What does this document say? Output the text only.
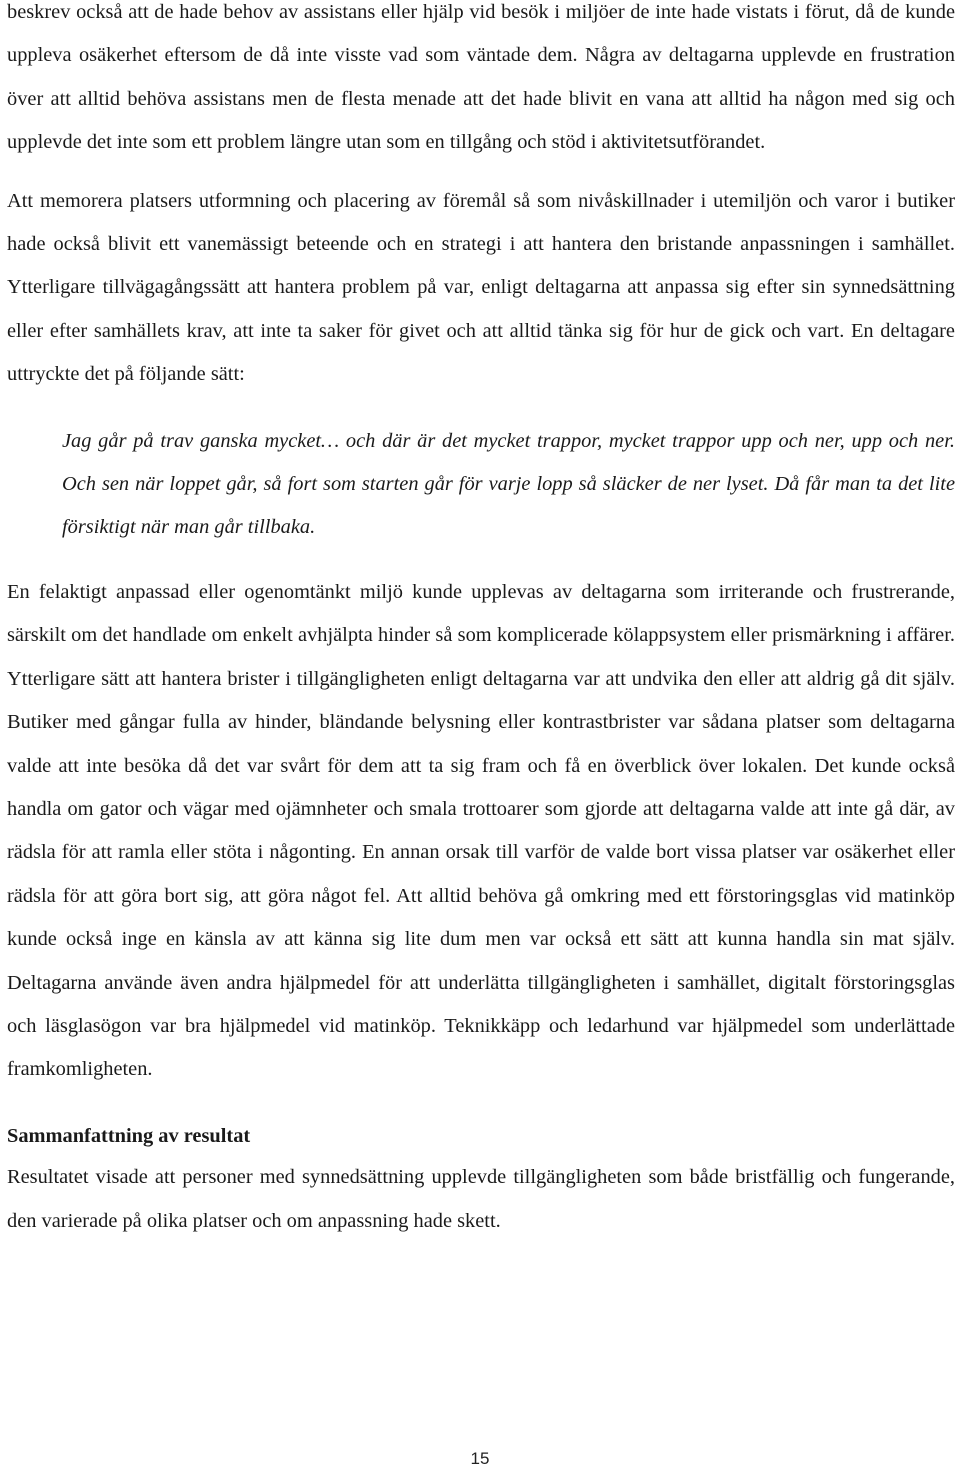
beskrev också att de hade behov av assistans eller hjälp vid besök i miljöer de inte hade vistats i förut, då de kunde uppleva osäkerhet eftersom de då inte visste vad som väntade dem. Några av deltagarna upplevde en frustration över att alltid behöva assistans men de flesta menade att det hade blivit en vana att alltid ha någon med sig och upplevde det inte som ett problem längre utan som en tillgång och stöd i aktivitetsutförandet.

Att memorera platsers utformning och placering av föremål så som nivåskillnader i utemiljön och varor i butiker hade också blivit ett vanemässigt beteende och en strategi i att hantera den bristande anpassningen i samhället. Ytterligare tillvägagångssätt att hantera problem på var, enligt deltagarna att anpassa sig efter sin synnedsättning eller efter samhällets krav, att inte ta saker för givet och att alltid tänka sig för hur de gick och vart. En deltagare uttryckte det på följande sätt:

Jag går på trav ganska mycket… och där är det mycket trappor, mycket trappor upp och ner, upp och ner. Och sen när loppet går, så fort som starten går för varje lopp så släcker de ner lyset. Då får man ta det lite försiktigt när man går tillbaka.

En felaktigt anpassad eller ogenomtänkt miljö kunde upplevas av deltagarna som irriterande och frustrerande, särskilt om det handlade om enkelt avhjälpta hinder så som komplicerade kölappsystem eller prismärkning i affärer. Ytterligare sätt att hantera brister i tillgängligheten enligt deltagarna var att undvika den eller att aldrig gå dit själv. Butiker med gångar fulla av hinder, bländande belysning eller kontrastbrister var sådana platser som deltagarna valde att inte besöka då det var svårt för dem att ta sig fram och få en överblick över lokalen. Det kunde också handla om gator och vägar med ojämnheter och smala trottoarer som gjorde att deltagarna valde att inte gå där, av rädsla för att ramla eller stöta i någonting. En annan orsak till varför de valde bort vissa platser var osäkerhet eller rädsla för att göra bort sig, att göra något fel. Att alltid behöva gå omkring med ett förstoringsglas vid matinköp kunde också inge en känsla av att känna sig lite dum men var också ett sätt att kunna handla sin mat själv. Deltagarna använde även andra hjälpmedel för att underlätta tillgängligheten i samhället, digitalt förstoringsglas och läsglasögon var bra hjälpmedel vid matinköp. Teknikkäpp och ledarhund var hjälpmedel som underlättade framkomligheten.

Sammanfattning av resultat

Resultatet visade att personer med synnedsättning upplevde tillgängligheten som både bristfällig och fungerande, den varierade på olika platser och om anpassning hade skett.

15
